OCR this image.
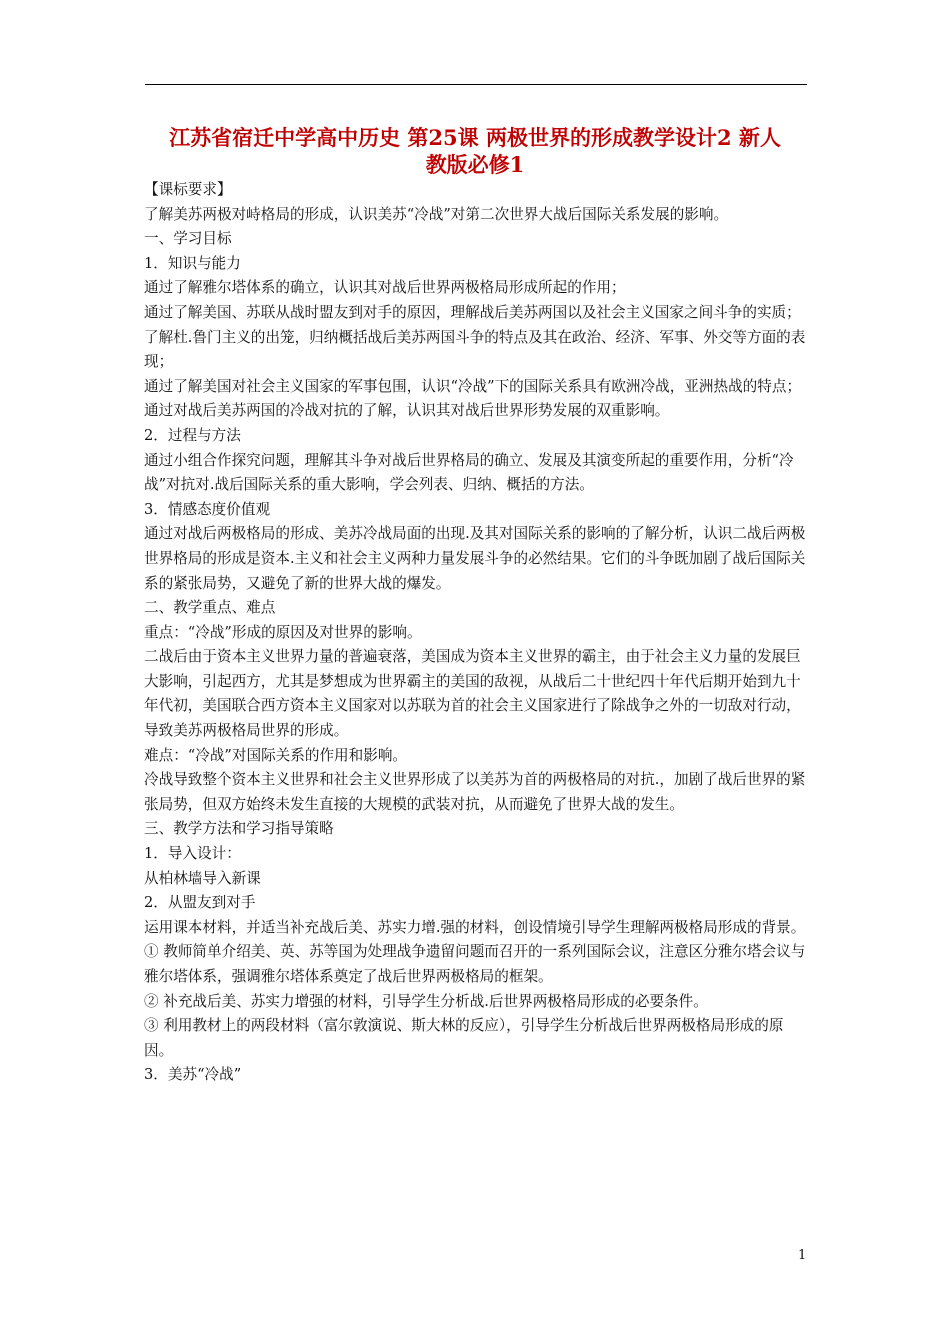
江苏省宿迁中学高中历史 第25课 两极世界的形成教学设计2 新人
教版必修1

【课标要求】

了解美苏两极对峙格局的形成，认识美苏“冷战”对第二次世界大战后国际关系发展的影响。

一、学习目标

1．知识与能力

通过了解雅尔塔体系的确立，认识其对战后世界两极格局形成所起的作用；

通过了解美国、苏联从战时盟友到对手的原因，理解战后美苏两国以及社会主义国家之间斗争的实质；

了解杜.鲁门主义的出笼，归纳概括战后美苏两国斗争的特点及其在政治、经济、军事、外交等方面的表现；

通过了解美国对社会主义国家的军事包围，认识“冷战”下的国际关系具有欧洲冷战，亚洲热战的特点；

通过对战后美苏两国的冷战对抗的了解，认识其对战后世界形势发展的双重影响。

2．过程与方法

通过小组合作探究问题，理解其斗争对战后世界格局的确立、发展及其演变所起的重要作用，分析“冷战”对抗对.战后国际关系的重大影响，学会列表、归纳、概括的方法。

3．情感态度价值观

通过对战后两极格局的形成、美苏冷战局面的出现.及其对国际关系的影响的了解分析，认识二战后两极世界格局的形成是资本.主义和社会主义两种力量发展斗争的必然结果。它们的斗争既加剧了战后国际关系的紧张局势，又避免了新的世界大战的爆发。

二、教学重点、难点

重点：“冷战”形成的原因及对世界的影响。

二战后由于资本主义世界力量的普遍衰落，美国成为资本主义世界的霸主，由于社会主义力量的发展巨大影响，引起西方，尤其是梦想成为世界霸主的美国的敌视，从战后二十世纪四十年代后期开始到九十年代初，美国联合西方资本主义国家对以苏联为首的社会主义国家进行了除战争之外的一切敌对行动，导致美苏两极格局世界的形成。

难点：“冷战”对国际关系的作用和影响。

冷战导致整个资本主义世界和社会主义世界形成了以美苏为首的两极格局的对抗.，加剧了战后世界的紧张局势，但双方始终未发生直接的大规模的武装对抗，从而避免了世界大战的发生。

三、教学方法和学习指导策略

1．导入设计：

从柏林墙导入新课

2．从盟友到对手

运用课本材料，并适当补充战后美、苏实力增.强的材料，创设情境引导学生理解两极格局形成的背景。

① 教师简单介绍美、英、苏等国为处理战争遗留问题而召开的一系列国际会议，注意区分雅尔塔会议与雅尔塔体系，强调雅尔塔体系奠定了战后世界两极格局的框架。

② 补充战后美、苏实力增强的材料，引导学生分析战.后世界两极格局形成的必要条件。

③ 利用教材上的两段材料（富尔敦演说、斯大林的反应），引导学生分析战后世界两极格局形成的原因。

3．美苏“冷战”

1
